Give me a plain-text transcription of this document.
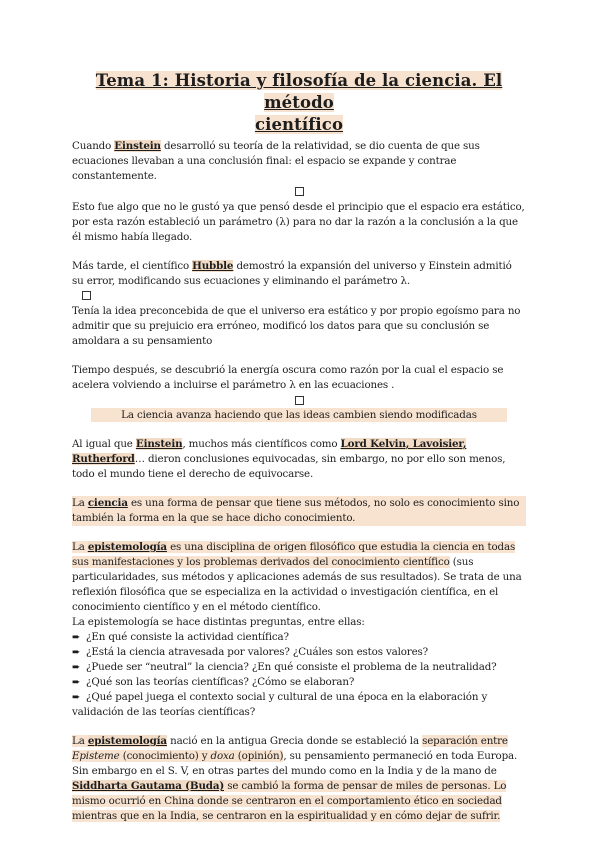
Tema 1: Historia y filosofía de la ciencia. El método
científico

Cuando Einstein desarrolló su teoría de la relatividad, se dio cuenta de que sus ecuaciones llevaban a una conclusión final: el espacio se expande y contrae constantemente.

Esto fue algo que no le gustó ya que pensó desde el principio que el espacio era estático, por esta razón estableció un parámetro (λ) para no dar la razón a la conclusión a la que él mismo había llegado.

Más tarde, el científico Hubble demostró la expansión del universo y Einstein admitió su error, modificando sus ecuaciones y eliminando el parámetro λ.

Tenía la idea preconcebida de que el universo era estático y por propio egoísmo para no admitir que su prejuicio era erróneo, modificó los datos para que su conclusión se amoldara a su pensamiento

Tiempo después, se descubrió la energía oscura como razón por la cual el espacio se acelera volviendo a incluirse el parámetro λ en las ecuaciones .

La ciencia avanza haciendo que las ideas cambien siendo modificadas

Al igual que Einstein, muchos más científicos como Lord Kelvin, Lavoisier, Rutherford… dieron conclusiones equivocadas, sin embargo, no por ello son menos, todo el mundo tiene el derecho de equivocarse.

La ciencia es una forma de pensar que tiene sus métodos, no solo es conocimiento sino también la forma en la que se hace dicho conocimiento.

La epistemología es una disciplina de origen filosófico que estudia la ciencia en todas sus manifestaciones y los problemas derivados del conocimiento científico (sus particularidades, sus métodos y aplicaciones además de sus resultados). Se trata de una reflexión filosófica que se especializa en la actividad o investigación científica, en el conocimiento científico y en el método científico.

La epistemología se hace distintas preguntas, entre ellas:

➨ ¿En qué consiste la actividad científica?

➨ ¿Está la ciencia atravesada por valores? ¿Cuáles son estos valores?

➨ ¿Puede ser “neutral” la ciencia? ¿En qué consiste el problema de la neutralidad?

➨ ¿Qué son las teorías científicas? ¿Cómo se elaboran?

➨ ¿Qué papel juega el contexto social y cultural de una época en la elaboración y validación de las teorías científicas?

La epistemología nació en la antigua Grecia donde se estableció la separación entre Episteme (conocimiento) y doxa (opinión), su pensamiento permaneció en toda Europa. Sin embargo en el S. V, en otras partes del mundo como en la India y de la mano de Siddharta Gautama (Buda) se cambió la forma de pensar de miles de personas. Lo mismo ocurrió en China donde se centraron en el comportamiento ético en sociedad mientras que en la India, se centraron en la espiritualidad y en cómo dejar de sufrir.
